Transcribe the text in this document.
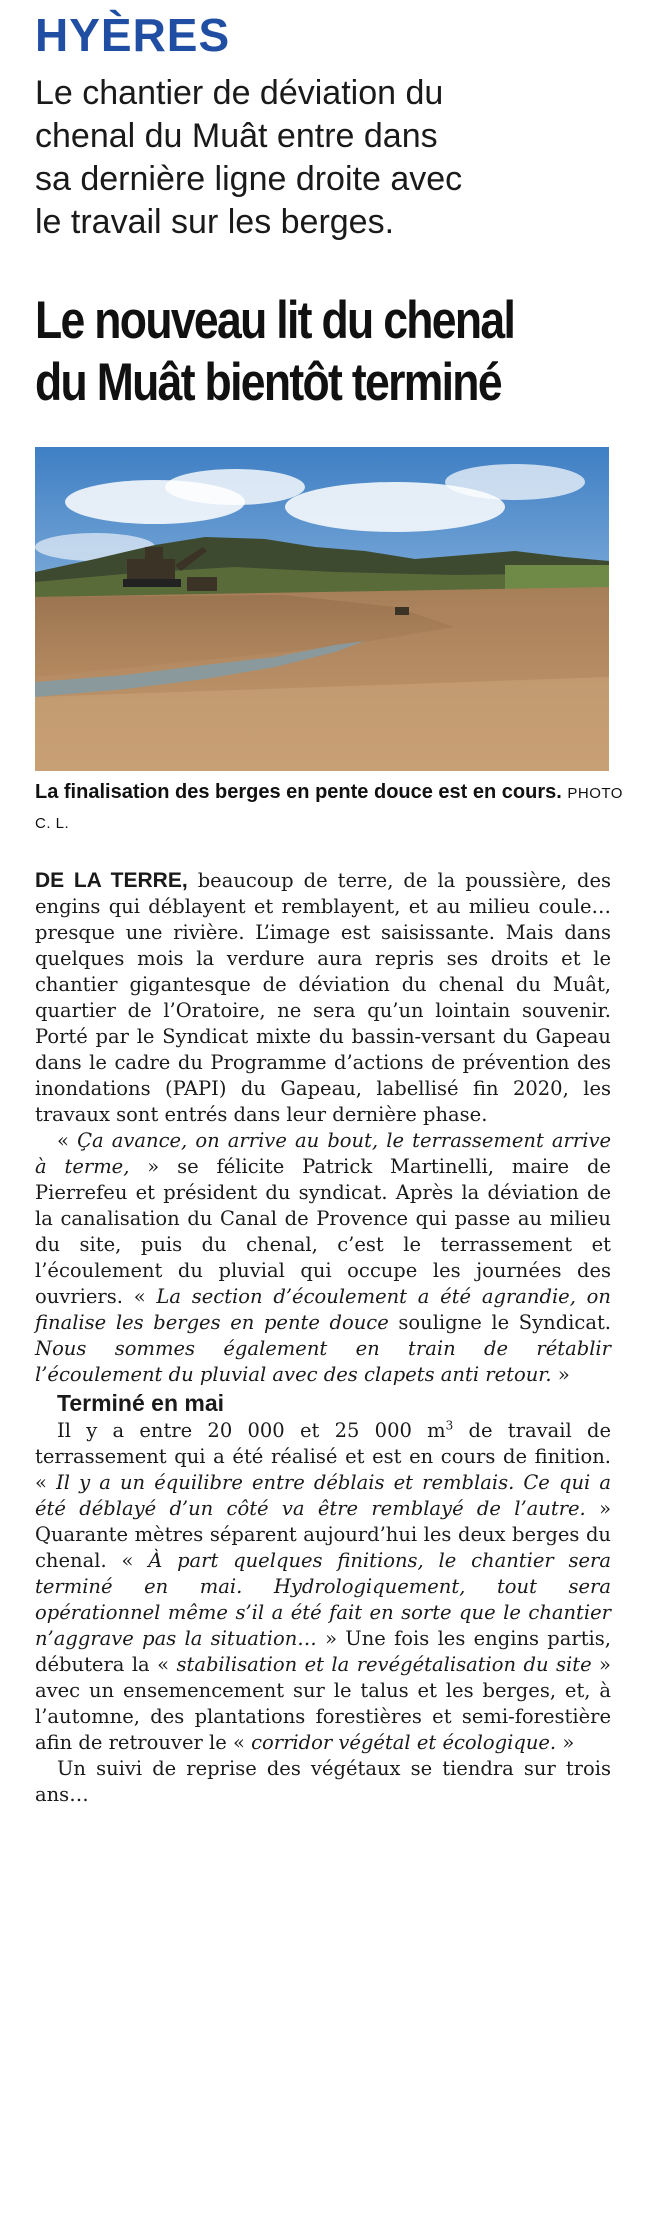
HYÈRES
Le chantier de déviation du
chenal du Muât entre dans
sa dernière ligne droite avec
le travail sur les berges.
Le nouveau lit du chenal
du Muât bientôt terminé
La finalisation des berges en pente douce est en cours. PHOTO C. L.

DE LA TERRE, beaucoup de terre, de la poussière, des engins qui déblayent et remblayent, et au milieu coule… presque une rivière. L’image est saisissante. Mais dans quelques mois la verdure aura repris ses droits et le chantier gigantesque de déviation du chenal du Muât, quartier de l’Oratoire, ne sera qu’un lointain souvenir. Porté par le Syndicat mixte du bassin-versant du Gapeau dans le cadre du Programme d’actions de prévention des inondations (PAPI) du Gapeau, labellisé fin 2020, les travaux sont entrés dans leur dernière phase.

« Ça avance, on arrive au bout, le terrassement arrive à terme, » se félicite Patrick Martinelli, maire de Pierrefeu et président du syndicat. Après la déviation de la canalisation du Canal de Provence qui passe au milieu du site, puis du chenal, c’est le terrassement et l’écoulement du pluvial qui occupe les journées des ouvriers. « La section d’écoulement a été agrandie, on finalise les berges en pente douce souligne le Syndicat. Nous sommes également en train de rétablir l’écoulement du pluvial avec des clapets anti retour. »

Terminé en mai

Il y a entre 20 000 et 25 000 $m^3$ de travail de terrassement qui a été réalisé et est en cours de finition. « Il y a un équilibre entre déblais et remblais. Ce qui a été déblayé d’un côté va être remblayé de l’autre. » Quarante mètres séparent aujourd’hui les deux berges du chenal. « À part quelques finitions, le chantier sera terminé en mai. Hydrologiquement, tout sera opérationnel même s’il a été fait en sorte que le chantier n’aggrave pas la situation… » Une fois les engins partis, débutera la « stabilisation et la revégétalisation du site » avec un ensemencement sur le talus et les berges, et, à l’automne, des plantations forestières et semi-forestière afin de retrouver le « corridor végétal et écologique. »

Un suivi de reprise des végétaux se tiendra sur trois ans…
